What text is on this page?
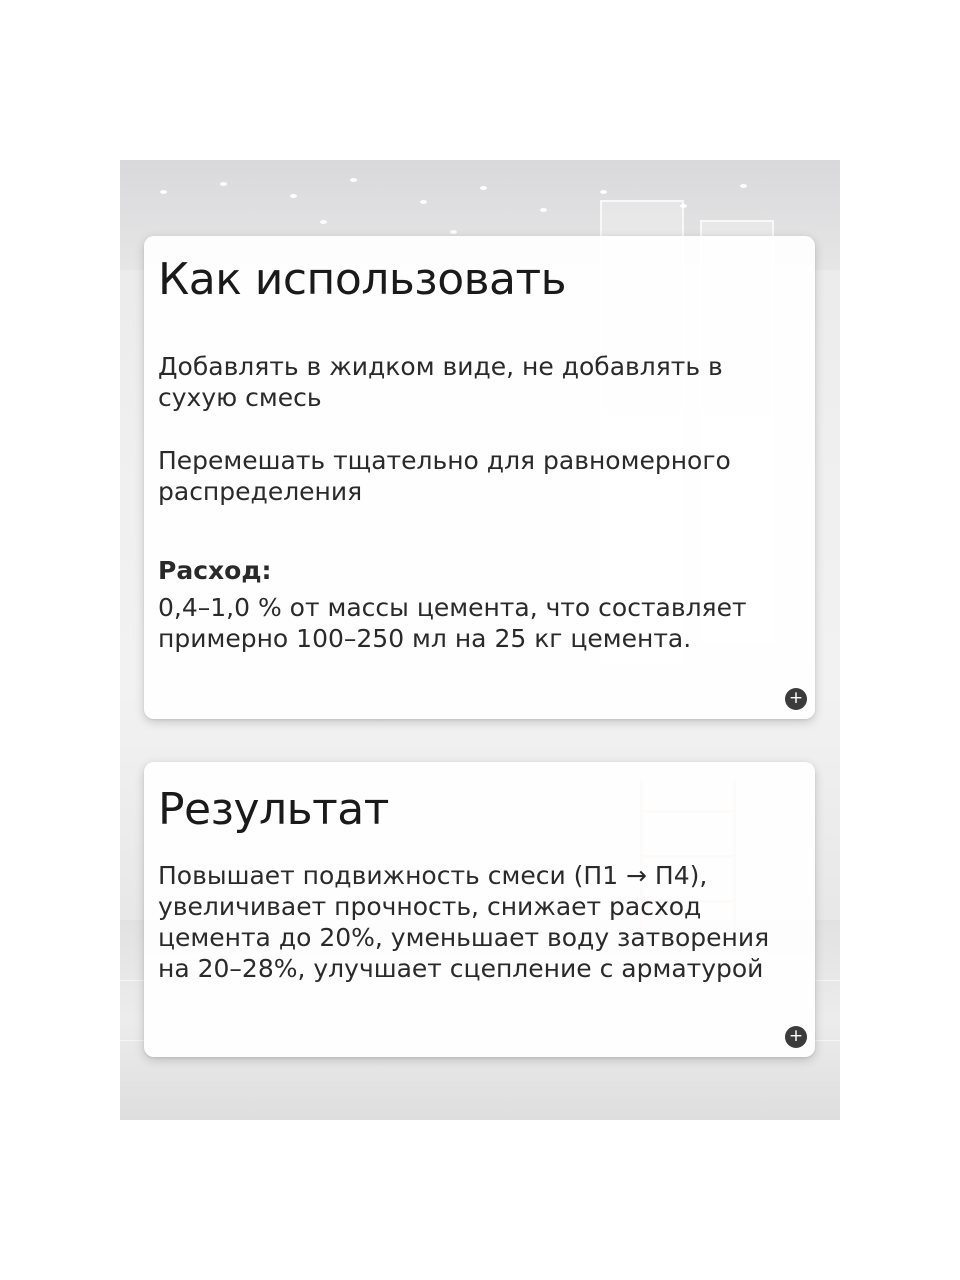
Как использовать
Добавлять в жидком виде, не добавлять в сухую смесь
Перемешать тщательно для равномерного распределения
Расход:
0,4–1,0 % от массы цемента, что составляет примерно 100–250 мл на 25 кг цемента.
+
Результат
Повышает подвижность смеси (П1 → П4), увеличивает прочность, снижает расход цемента до 20%, уменьшает воду затворения на 20–28%, улучшает сцепление с арматурой
+
